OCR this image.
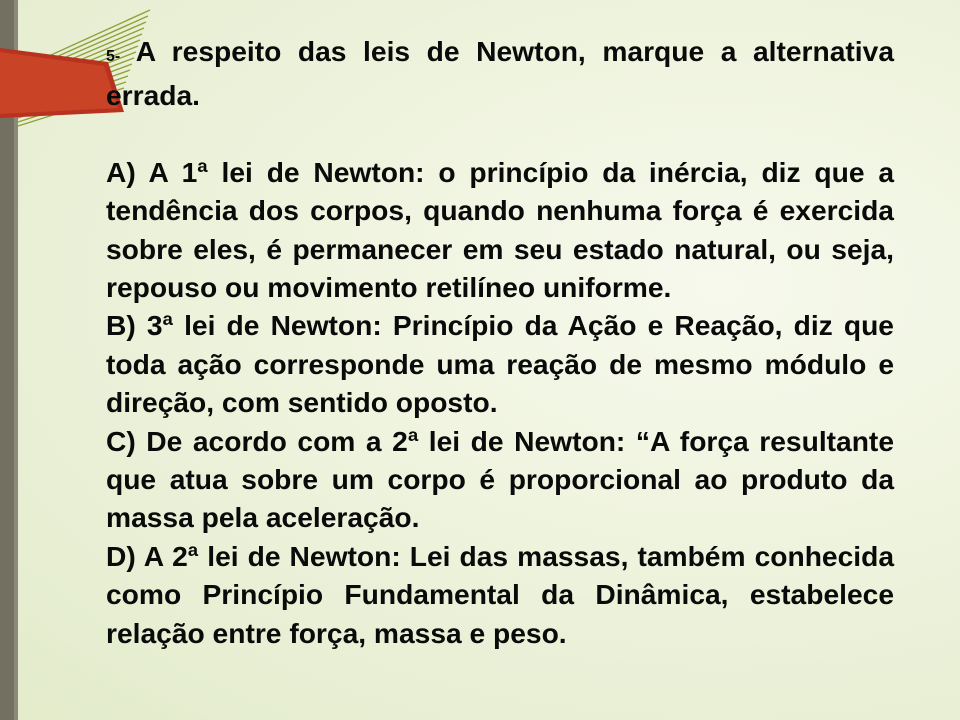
5- A respeito das leis de Newton, marque a alternativa errada.

A) A 1ª lei de Newton: o princípio da inércia, diz que a tendência dos corpos, quando nenhuma força é exercida sobre eles, é permanecer em seu estado natural, ou seja, repouso ou movimento retilíneo uniforme.

B) 3ª lei de Newton: Princípio da Ação e Reação, diz que toda ação corresponde uma reação de mesmo módulo e direção, com sentido oposto.

C) De acordo com a 2ª lei de Newton: “A força resultante que atua sobre um corpo é proporcional ao produto da massa pela aceleração.

D) A 2ª lei de Newton: Lei das massas, também conhecida como Princípio Fundamental da Dinâmica, estabelece relação entre força, massa e peso.
